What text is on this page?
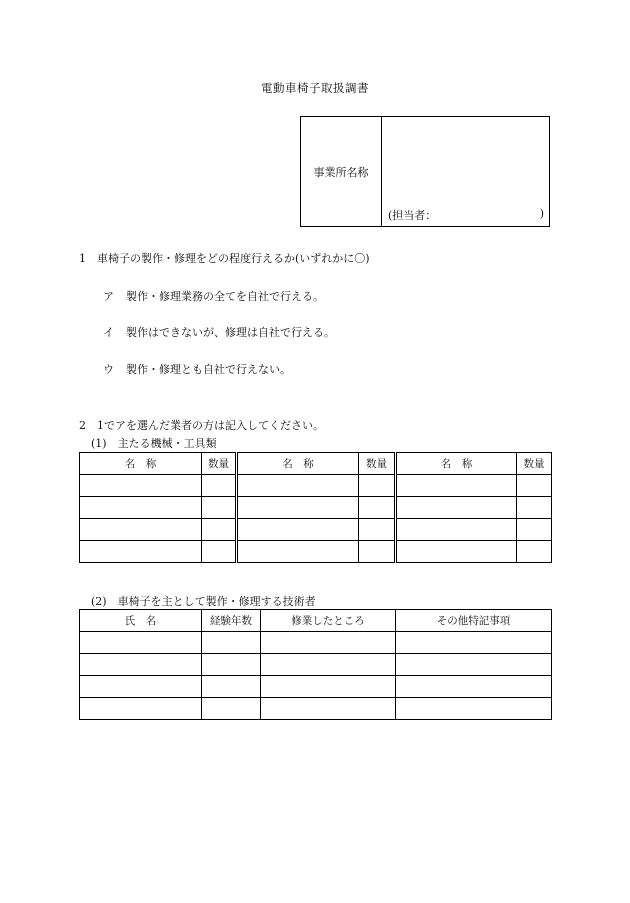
電動車椅子取扱調書
事業所名称
(担当者：	)
1　車椅子の製作・修理をどの程度行えるか(いずれかに〇)
ア 製作・修理業務の全てを自社で行える。
イ 製作はできないが、修理は自社で行える。
ウ 製作・修理とも自社で行えない。
2　1でアを選んだ業者の方は記入してください。
(1)　主たる機械・工具類
名　称	数量	名　称	数量	名　称	数量

(2)　車椅子を主として製作・修理する技術者
氏　名	経験年数	修業したところ	その他特記事項
